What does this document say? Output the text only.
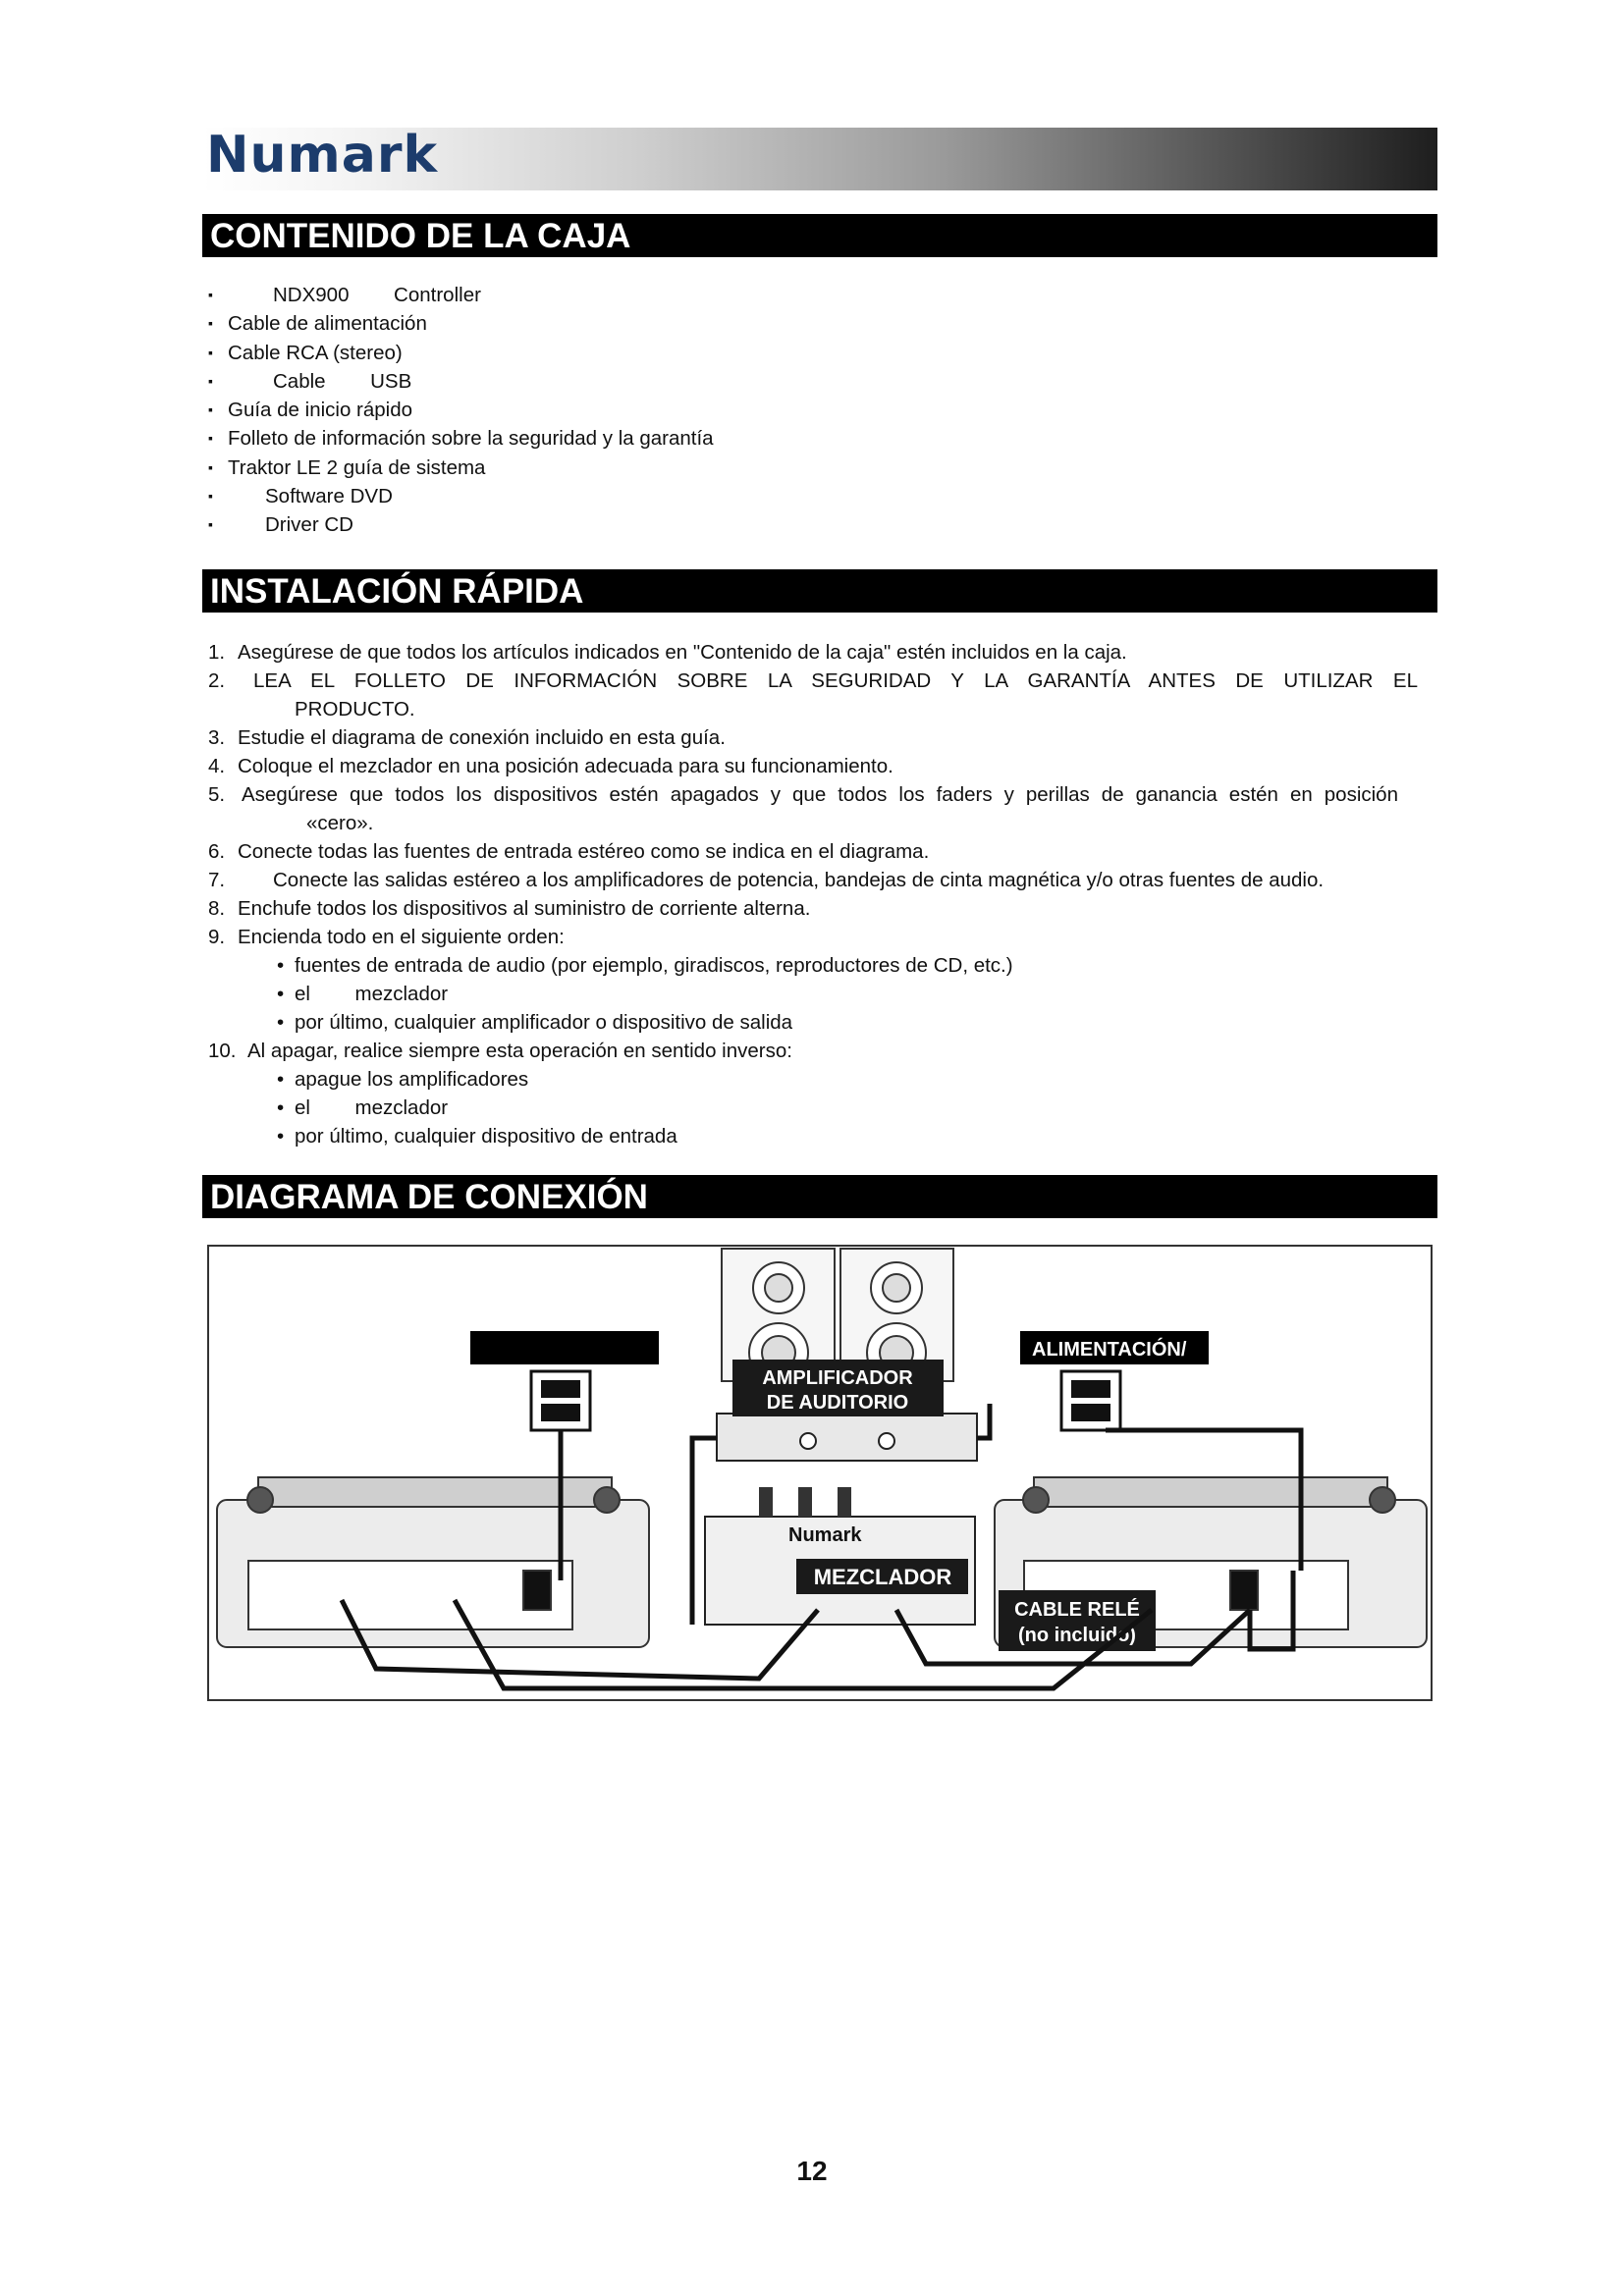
Numark
CONTENIDO DE LA CAJA
▪ NDX900        Controller
▪ Cable de alimentación
▪ Cable RCA (stereo)
▪ Cable        USB
▪ Guía de inicio rápido
▪ Folleto de información sobre la seguridad y la garantía
▪ Traktor LE 2 guía de sistema
▪ Software DVD
▪ Driver CD
INSTALACIÓN RÁPIDA
1. Asegúrese de que todos los artículos indicados en "Contenido de la caja" estén incluidos en la caja.
2.	LEA EL FOLLETO DE INFORMACIÓN SOBRE LA SEGURIDAD Y LA GARANTÍA ANTES DE UTILIZAR EL
PRODUCTO.
3. Estudie el diagrama de conexión incluido en esta guía.
4. Coloque el mezclador en una posición adecuada para su funcionamiento.
5. Asegúrese que todos los dispositivos estén apagados y que todos los faders y perillas de ganancia estén en posición
«cero».
6. Conecte todas las fuentes de entrada estéreo como se indica en el diagrama.
7. Conecte las salidas estéreo a los amplificadores de potencia, bandejas de cinta magnética y/o otras fuentes de audio.
8. Enchufe todos los dispositivos al suministro de corriente alterna.
9. Encienda todo en el siguiente orden:
• fuentes de entrada de audio (por ejemplo, giradiscos, reproductores de CD, etc.)
• el        mezclador
• por último, cualquier amplificador o dispositivo de salida
10. Al apagar, realice siempre esta operación en sentido inverso:
• apague los amplificadores
• el        mezclador
• por último, cualquier dispositivo de entrada
DIAGRAMA DE CONEXIÓN
AMPLIFICADOR
DE AUDITORIO
ALIMENTACIÓN/
Numark
MEZCLADOR
CABLE RELÉ
(no incluido)
12
